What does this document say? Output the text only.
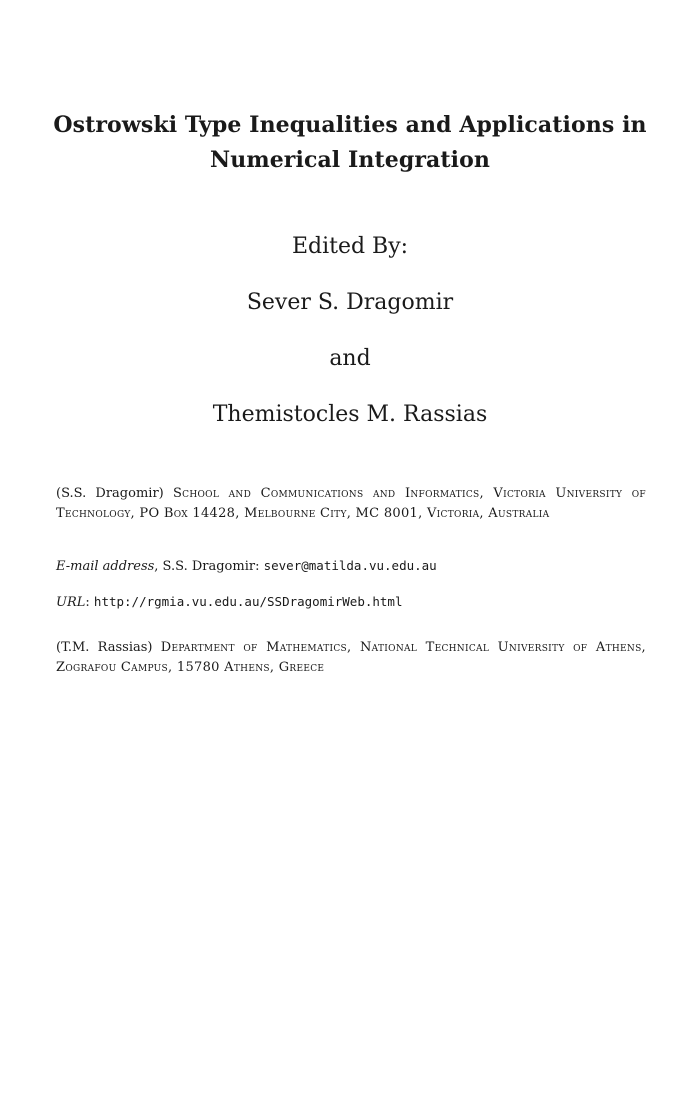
Ostrowski Type Inequalities and Applications in Numerical Integration
Edited By:
Sever S. Dragomir
and
Themistocles M. Rassias
(S.S. Dragomir) School and Communications and Informatics, Victoria University of Technology, PO Box 14428, Melbourne City, MC 8001, Victoria, Australia
E-mail address, S.S. Dragomir: sever@matilda.vu.edu.au
URL: http://rgmia.vu.edu.au/SSDragomirWeb.html
(T.M. Rassias) Department of Mathematics, National Technical University of Athens, Zografou Campus, 15780 Athens, Greece
